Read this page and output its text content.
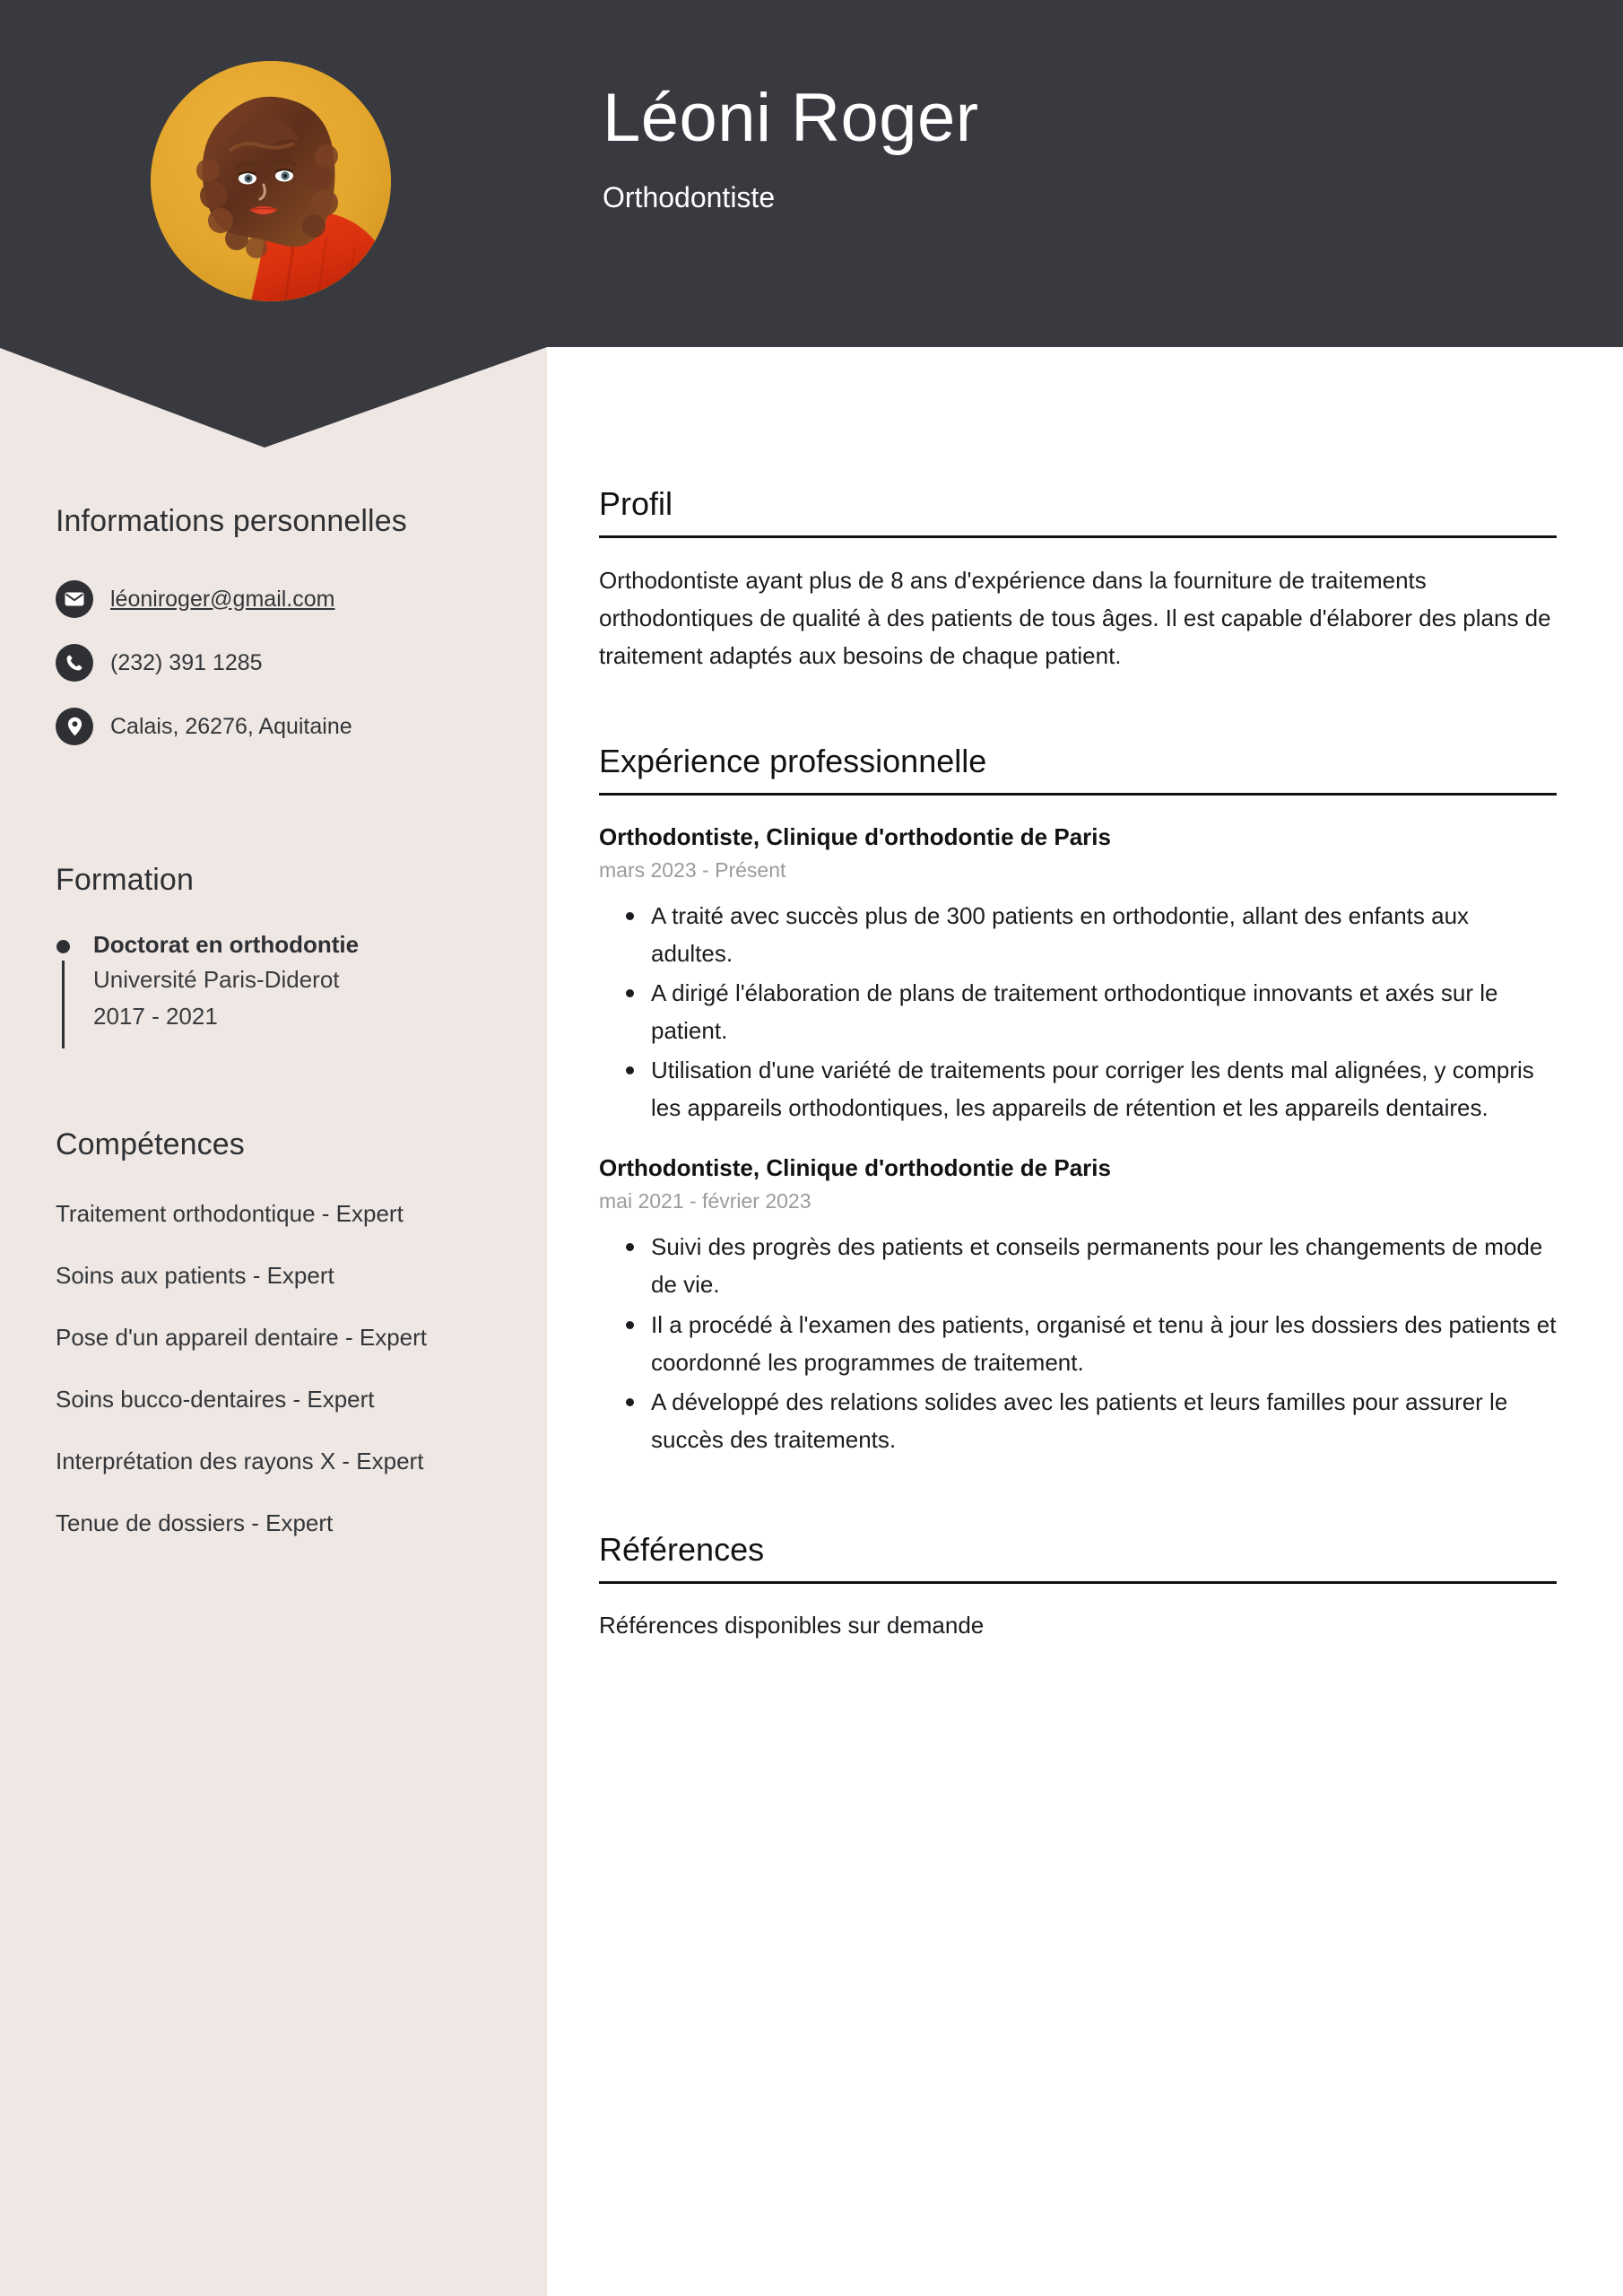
Léoni Roger
Orthodontiste
Informations personnelles
léoniroger@gmail.com
(232) 391 1285
Calais, 26276, Aquitaine
Formation
Doctorat en orthodontie
Université Paris-Diderot
2017 - 2021
Compétences
Traitement orthodontique - Expert
Soins aux patients - Expert
Pose d'un appareil dentaire - Expert
Soins bucco-dentaires - Expert
Interprétation des rayons X - Expert
Tenue de dossiers - Expert
Profil

Orthodontiste ayant plus de 8 ans d'expérience dans la fourniture de traitements orthodontiques de qualité à des patients de tous âges. Il est capable d'élaborer des plans de traitement adaptés aux besoins de chaque patient.

Expérience professionnelle
Orthodontiste, Clinique d'orthodontie de Paris
mars 2023 - Présent
A traité avec succès plus de 300 patients en orthodontie, allant des enfants aux adultes.
A dirigé l'élaboration de plans de traitement orthodontique innovants et axés sur le patient.
Utilisation d'une variété de traitements pour corriger les dents mal alignées, y compris les appareils orthodontiques, les appareils de rétention et les appareils dentaires.
Orthodontiste, Clinique d'orthodontie de Paris
mai 2021 - février 2023
Suivi des progrès des patients et conseils permanents pour les changements de mode de vie.
Il a procédé à l'examen des patients, organisé et tenu à jour les dossiers des patients et coordonné les programmes de traitement.
A développé des relations solides avec les patients et leurs familles pour assurer le succès des traitements.
Références

Références disponibles sur demande
